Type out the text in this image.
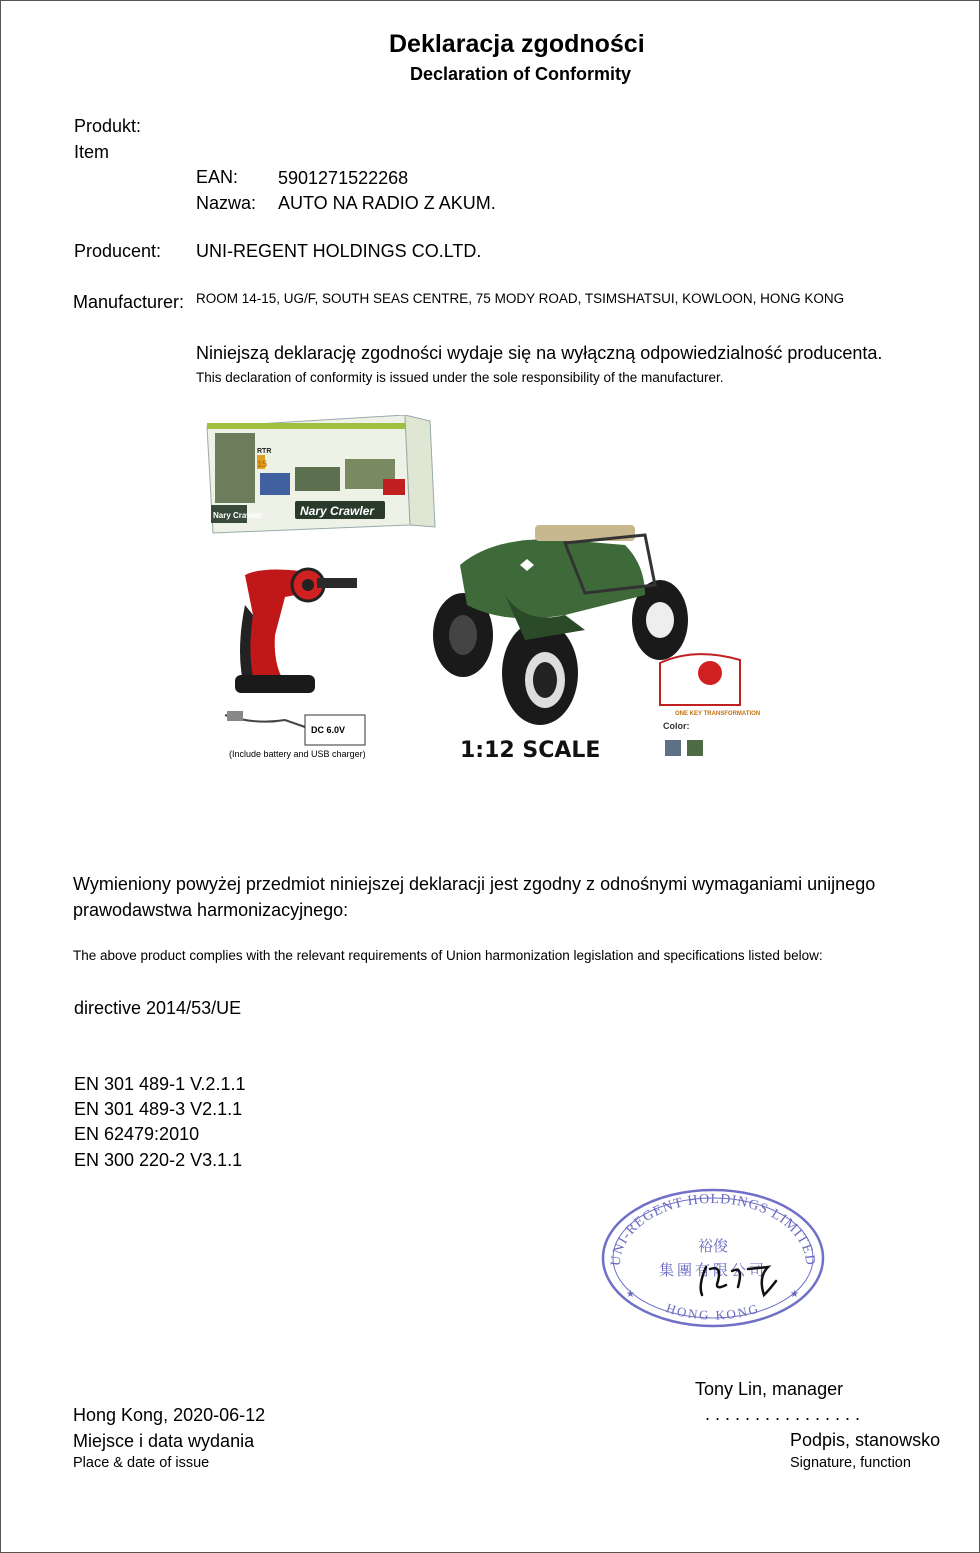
Deklaracja zgodności
Declaration of Conformity
Produkt:
Item
EAN: 5901271522268
Nazwa: AUTO NA RADIO Z AKUM.
Producent: UNI-REGENT HOLDINGS CO.LTD.
Manufacturer: ROOM 14-15, UG/F, SOUTH SEAS CENTRE, 75 MODY ROAD, TSIMSHATSUI, KOWLOON, HONG KONG
Niniejszą deklarację zgodności wydaje się na wyłączną odpowiedzialność producenta.
This declaration of conformity is issued under the sole responsibility of the manufacturer.
Nary Crawler
Nary Crawler
15
RTR
DC 6.0V
(Include battery and USB charger)
ONE KEY TRANSFORMATION
Color:
1:12 SCALE
Wymieniony powyżej przedmiot niniejszej deklaracji jest zgodny z odnośnymi wymaganiami unijnego
prawodawstwa harmonizacyjnego:
The above product complies with the relevant requirements of Union harmonization legislation and specifications listed below:
directive 2014/53/UE
EN 301 489-1 V.2.1.1
EN 301 489-3 V2.1.1
EN 62479:2010
EN 300 220-2 V3.1.1
UNI-REGENT HOLDINGS LIMITED
HONG KONG
裕俊
集團有限公司
★	★
Tony Lin, manager
Hong Kong, 2020-06-12	. . . . . . . . . . . . . . . .
Miejsce i data wydania	Podpis, stanowsko
Place & date of issue	Signature, function
